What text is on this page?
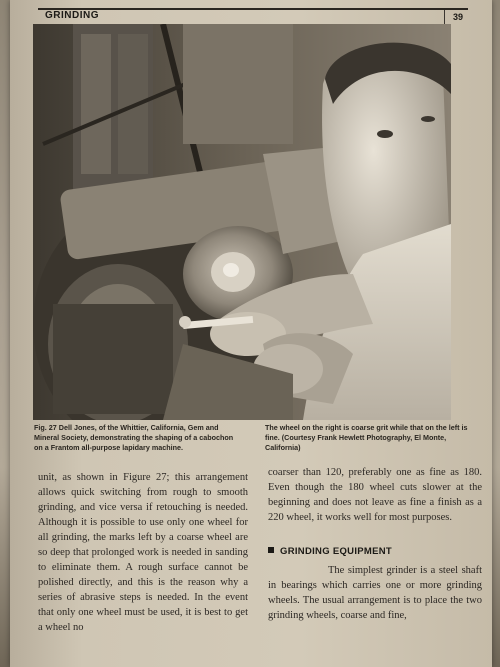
GRINDING	39
Fig. 27 Dell Jones, of the Whittier, California, Gem and Mineral Society, demonstrating the shaping of a cabochon on a Frantom all-purpose lapidary machine.
The wheel on the right is coarse grit while that on the left is fine. (Courtesy Frank Hewlett Photography, El Monte, California)
unit, as shown in Figure 27; this arrangement allows quick switching from rough to smooth grinding, and vice versa if retouching is needed. Although it is possible to use only one wheel for all grinding, the marks left by a coarse wheel are so deep that prolonged work is needed in sanding to eliminate them. A rough surface cannot be polished directly, and this is the reason why a series of abrasive steps is needed. In the event that only one wheel must be used, it is best to get a wheel no
coarser than 120, preferably one as fine as 180. Even though the 180 wheel cuts slower at the beginning and does not leave as fine a finish as a 220 wheel, it works well for most purposes.
GRINDING EQUIPMENT
The simplest grinder is a steel shaft in bearings which carries one or more grinding wheels. The usual arrangement is to place the two grinding wheels, coarse and fine,
